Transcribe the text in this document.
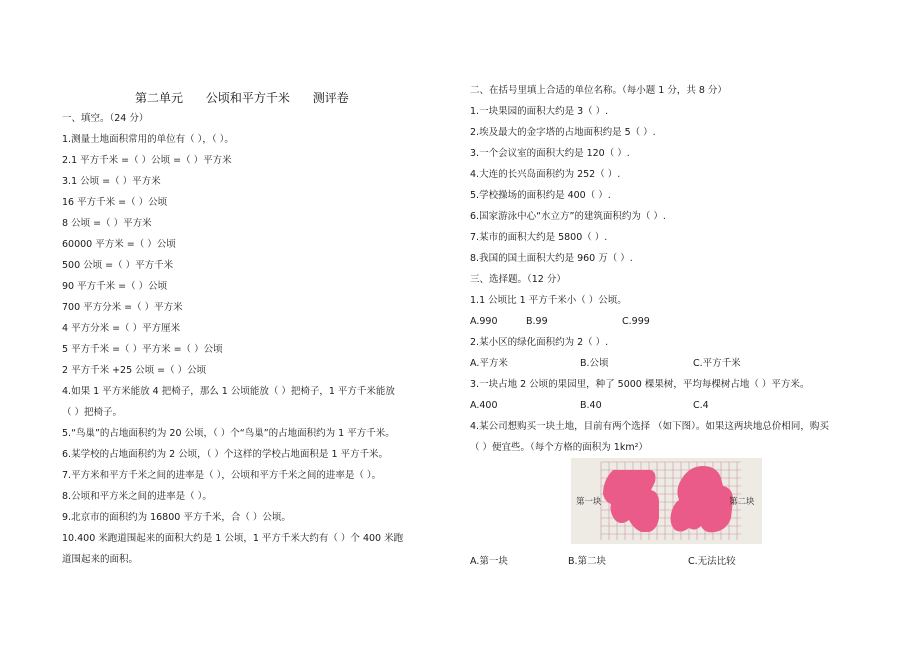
第二单元      公顷和平方千米      测评卷
一、填空。（24 分）
1.测量土地面积常用的单位有（ ），（ ）。
2.1 平方千米 =（ ）公顷 =（ ）平方米
3.1 公顷 =（ ）平方米
16 平方千米 =（ ）公顷
8 公顷 =（ ）平方米
60000 平方米 =（ ）公顷
500 公顷 =（ ）平方千米
90 平方千米 =（ ）公顷
700 平方分米 =（ ）平方米
4 平方分米 =（ ）平方厘米
5 平方千米 =（ ）平方米 =（ ）公顷
2 平方千米 +25 公顷 =（ ）公顷
4.如果 1 平方米能放 4 把椅子，那么 1 公顷能放（ ）把椅子，1 平方千米能放
（ ）把椅子。
5.“鸟巢”的占地面积约为 20 公顷，（ ）个“鸟巢”的占地面积约为 1 平方千米。
6.某学校的占地面积约为 2 公顷，（ ）个这样的学校占地面积是 1 平方千米。
7.平方米和平方千米之间的进率是（ ），公顷和平方千米之间的进率是（ ）。
8.公顷和平方米之间的进率是（ ）。
9.北京市的面积约为 16800 平方千米，合（ ）公顷。
10.400 米跑道围起来的面积大约是 1 公顷，1 平方千米大约有（ ）个 400 米跑
道围起来的面积。
二、在括号里填上合适的单位名称。（每小题 1 分，共 8 分）
1.一块果园的面积大约是 3（ ）.
2.埃及最大的金字塔的占地面积约是 5（ ）.
3.一个会议室的面积大约是 120（ ）.
4.大连的长兴岛面积约为 252（ ）.
5.学校操场的面积约是 400（ ）.
6.国家游泳中心“水立方”的建筑面积约为（ ）.
7.某市的面积大约是 5800（ ）.
8.我国的国土面积大约是 960 万（ ）.
三、选择题。（12 分）
1.1 公顷比 1 平方千米小（ ）公顷。
A.990	B.99	C.999
2.某小区的绿化面积约为 2（ ）.
A.平方米	B.公顷	C.平方千米
3.一块占地 2 公顷的果园里，种了 5000 棵果树，平均每棵树占地（ ）平方米。
A.400	B.40	C.4
4.某公司想购买一块土地，目前有两个选择 （如下图）。如果这两块地总价相同，购买
（ ）便宜些。（每个方格的面积为 1km²）
第一块	第二块
A.第一块	B.第二块	C.无法比较
